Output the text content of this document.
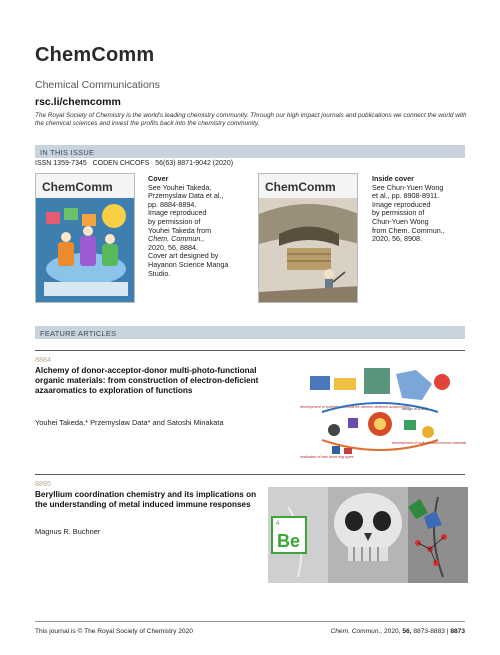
ChemComm
Chemical Communications
rsc.li/chemcomm
The Royal Society of Chemistry is the world's leading chemistry community. Through our high impact journals and publications we connect the world with the chemical sciences and invest the profits back into the chemistry community.
IN THIS ISSUE
ISSN 1359-7345   CODEN CHCOFS   56(63) 8871-9042 (2020)
ChemComm
Cover
See Youhei Takeda,
Przemyslaw Data et al.,
pp. 8884-8894.
Image reproduced
by permission of
Youhei Takeda from
Chem. Commun.,
2020, 56, 8884.
Cover art designed by
Hayanon Science Manga
Studio.
ChemComm
Inside cover
See Chun-Yuen Wong
et al., pp. 8908-8911.
Image reproduced
by permission of
Chun-Yuen Wong
from Chem. Commun.,
2020, 56, 8908.
FEATURE ARTICLES
8884
Alchemy of donor-acceptor-donor multi-photo-functional organic materials: from construction of electron-deficient azaaromatics to exploration of functions
Youhei Takeda,* Przemyslaw Data* and Satoshi Minakata
development of synthetic methods for electron-deficient azaaromatics
design of D-A-D
development of multi-photofunctional materials
realization of new bond ring types
8895
Beryllium coordination chemistry and its implications on the understanding of metal induced immune responses
Magnus R. Buchner
4
Be
This journal is © The Royal Society of Chemistry 2020	Chem. Commun., 2020, 56, 8873-8883 | 8873
